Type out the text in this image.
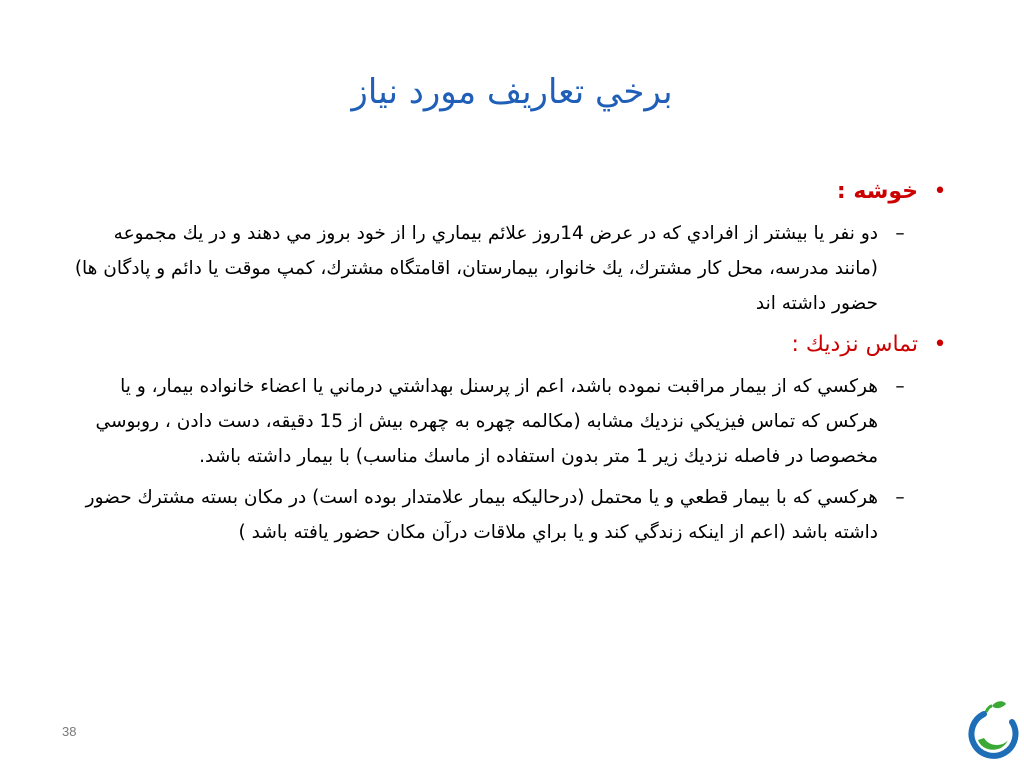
برخي تعاريف مورد نياز
•
خوشه :
–
دو نفر يا بيشتر از افرادي كه در عرض 14روز علائم بيماري را از خود بروز مي دهند و در يك مجموعه (مانند مدرسه، محل كار مشترك، يك خانوار، بيمارستان، اقامتگاه مشترك، كمپ موقت يا دائم و پادگان ها) حضور داشته اند
•
تماس نزديك :
–
هركسي كه از بيمار مراقبت نموده باشد، اعم از پرسنل بهداشتي درماني يا اعضاء خانواده بيمار، و يا هركس كه تماس فيزيكي نزديك مشابه (مكالمه چهره به چهره بيش از 15 دقيقه، دست دادن ، روبوسي مخصوصا در فاصله نزديك زير 1 متر بدون استفاده از ماسك مناسب) با بيمار داشته باشد.
–
هركسي كه با بيمار قطعي و يا محتمل (درحاليكه بيمار علامتدار بوده است) در مكان بسته مشترك حضور داشته باشد (اعم از اينكه زندگي كند و يا براي ملاقات درآن مكان حضور يافته باشد )
38
